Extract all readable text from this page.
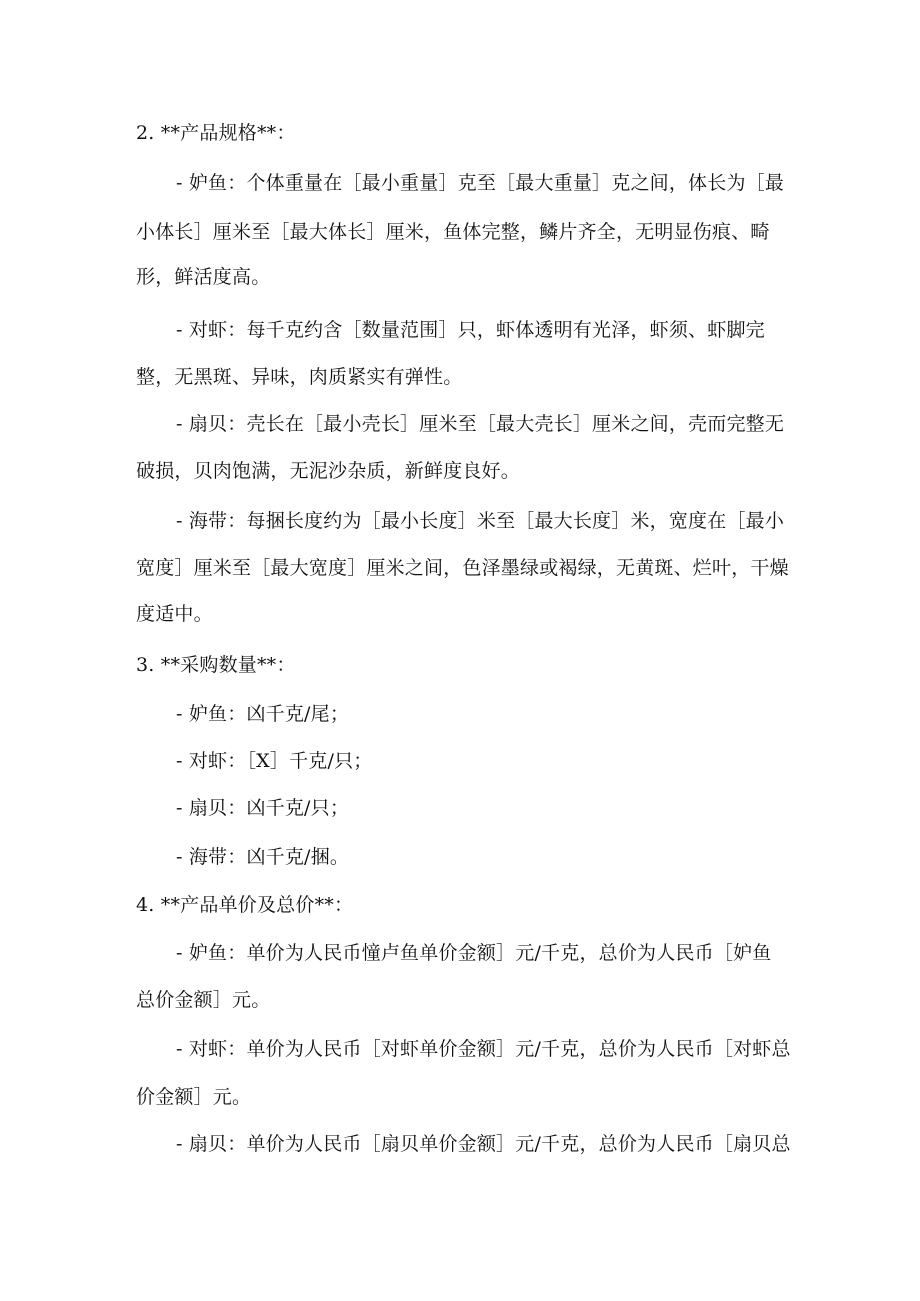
2. **产品规格**：
- 妒鱼：个体重量在［最小重量］克至［最大重量］克之间，体长为［最
小体长］厘米至［最大体长］厘米，鱼体完整，鳞片齐全，无明显伤痕、畸
形，鲜活度高。
- 对虾：每千克约含［数量范围］只，虾体透明有光泽，虾须、虾脚完
整，无黑斑、异味，肉质紧实有弹性。
- 扇贝：壳长在［最小壳长］厘米至［最大壳长］厘米之间，壳而完整无
破损，贝肉饱满，无泥沙杂质，新鲜度良好。
- 海带：每捆长度约为［最小长度］米至［最大长度］米，宽度在［最小
宽度］厘米至［最大宽度］厘米之间，色泽墨绿或褐绿，无黄斑、烂叶，干燥
度适中。
3. **采购数量**：
- 妒鱼：凶千克/尾；
- 对虾：［X］千克/只；
- 扇贝：凶千克/只；
- 海带：凶千克/捆。
4. **产品单价及总价**：
- 妒鱼：单价为人民币憧卢鱼单价金额］元/千克，总价为人民币［妒鱼
总价金额］元。
- 对虾：单价为人民币［对虾单价金额］元/千克，总价为人民币［对虾总
价金额］元。
- 扇贝：单价为人民币［扇贝单价金额］元/千克，总价为人民币［扇贝总
